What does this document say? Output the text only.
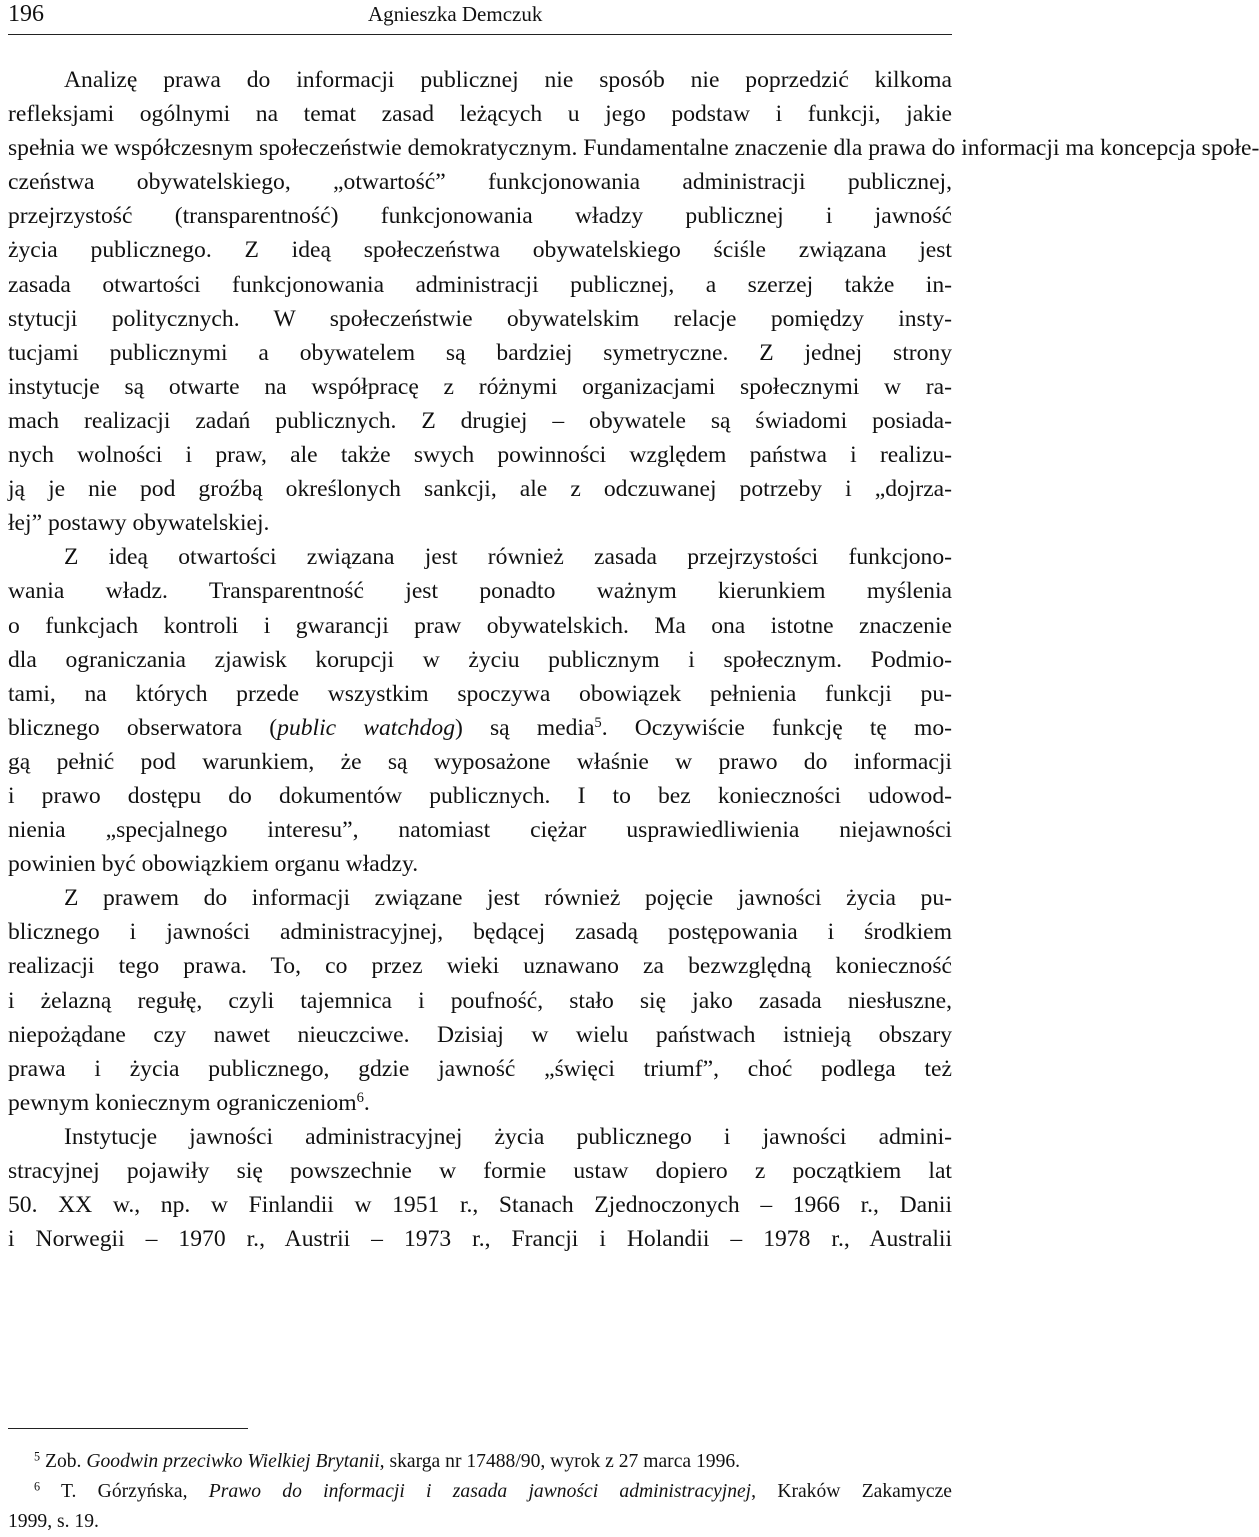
196	Agnieszka Demczuk
Analizę prawa do informacji publicznej nie sposób nie poprzedzić kilkoma
refleksjami ogólnymi na temat zasad leżących u jego podstaw i funkcji, jakie
spełnia we współczesnym społeczeństwie demokratycznym. Fundamentalne znaczenie dla prawa do informacji ma koncepcja społe-
czeństwa obywatelskiego, „otwartość” funkcjonowania administracji publicznej,
przejrzystość (transparentność) funkcjonowania władzy publicznej i jawność
życia publicznego. Z ideą społeczeństwa obywatelskiego ściśle związana jest
zasada otwartości funkcjonowania administracji publicznej, a szerzej także in-
stytucji politycznych. W społeczeństwie obywatelskim relacje pomiędzy insty-
tucjami publicznymi a obywatelem są bardziej symetryczne. Z jednej strony
instytucje są otwarte na współpracę z różnymi organizacjami społecznymi w ra-
mach realizacji zadań publicznych. Z drugiej – obywatele są świadomi posiada-
nych wolności i praw, ale także swych powinności względem państwa i realizu-
ją je nie pod groźbą określonych sankcji, ale z odczuwanej potrzeby i „dojrza-
łej” postawy obywatelskiej.
Z ideą otwartości związana jest również zasada przejrzystości funkcjono-
wania władz. Transparentność jest ponadto ważnym kierunkiem myślenia
o funkcjach kontroli i gwarancji praw obywatelskich. Ma ona istotne znaczenie
dla ograniczania zjawisk korupcji w życiu publicznym i społecznym. Podmio-
tami, na których przede wszystkim spoczywa obowiązek pełnienia funkcji pu-
blicznego obserwatora (public watchdog) są media$^5$. Oczywiście funkcję tę mo-
gą pełnić pod warunkiem, że są wyposażone właśnie w prawo do informacji
i prawo dostępu do dokumentów publicznych. I to bez konieczności udowod-
nienia „specjalnego interesu”, natomiast ciężar usprawiedliwienia niejawności
powinien być obowiązkiem organu władzy.
Z prawem do informacji związane jest również pojęcie jawności życia pu-
blicznego i jawności administracyjnej, będącej zasadą postępowania i środkiem
realizacji tego prawa. To, co przez wieki uznawano za bezwzględną konieczność
i żelazną regułę, czyli tajemnica i poufność, stało się jako zasada niesłuszne,
niepożądane czy nawet nieuczciwe. Dzisiaj w wielu państwach istnieją obszary
prawa i życia publicznego, gdzie jawność „święci triumf”, choć podlega też
pewnym koniecznym ograniczeniom$^6$.
Instytucje jawności administracyjnej życia publicznego i jawności admini-
stracyjnej pojawiły się powszechnie w formie ustaw dopiero z początkiem lat
50. XX w., np. w Finlandii w 1951 r., Stanach Zjednoczonych – 1966 r., Danii
i Norwegii – 1970 r., Austrii – 1973 r., Francji i Holandii – 1978 r., Australii
$^5$ Zob. Goodwin przeciwko Wielkiej Brytanii, skarga nr 17488/90, wyrok z 27 marca 1996.
$^6$ T. Górzyńska, Prawo do informacji i zasada jawności administracyjnej, Kraków Zakamycze
1999, s. 19.
